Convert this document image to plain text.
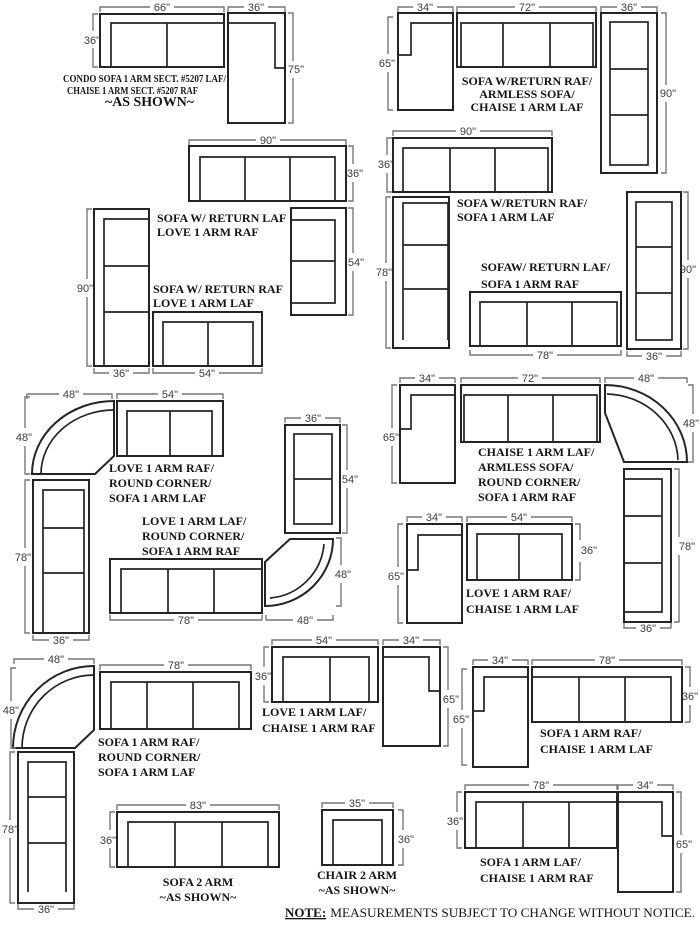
66"
36"
36"
75"
CONDO SOFA 1 ARM SECT. #5207 LAF/
CHAISE 1 ARM SECT. #5207 RAF
~AS SHOWN~
34"
65"
72"	36"
90"
SOFA W/RETURN RAF/
ARMLESS SOFA/
CHAISE 1 ARM LAF
90"
36"
90"
36"	54"
54"
SOFA W/ RETURN LAF
LOVE 1 ARM RAF
SOFA W/ RETURN RAF
LOVE 1 ARM LAF
90"
36"
78"
78"
90"
36"
SOFA W/RETURN RAF/
SOFA 1 ARM LAF
SOFAW/ RETURN LAF/
SOFA 1 ARM RAF
48"
48"
54"
78"
36"
36"
54"
78"
48"
48"
LOVE 1 ARM RAF/
ROUND CORNER/
SOFA 1 ARM LAF
LOVE 1 ARM LAF/
ROUND CORNER/
SOFA 1 ARM RAF
34"
65"
72"	48"
48"
78"
36"
CHAISE 1 ARM LAF/
ARMLESS SOFA/
ROUND CORNER/
SOFA 1 ARM RAF
34"
65"
54"
36"
LOVE 1 ARM RAF/
CHAISE 1 ARM LAF
48"
48"
78"
78"
36"
SOFA 1 ARM RAF/
ROUND CORNER/
SOFA 1 ARM LAF
54"
36"
34"
65"
LOVE 1 ARM LAF/
CHAISE 1 ARM RAF
83"
36"
SOFA 2 ARM
~AS SHOWN~
35"
36"
CHAIR 2 ARM
~AS SHOWN~
34"
65"
78"
36"
SOFA 1 ARM RAF/
CHAISE 1 ARM LAF
78"
36"
34"
65"
SOFA 1 ARM LAF/
CHAISE 1 ARM RAF
NOTE: MEASUREMENTS SUBJECT TO CHANGE WITHOUT NOTICE.
